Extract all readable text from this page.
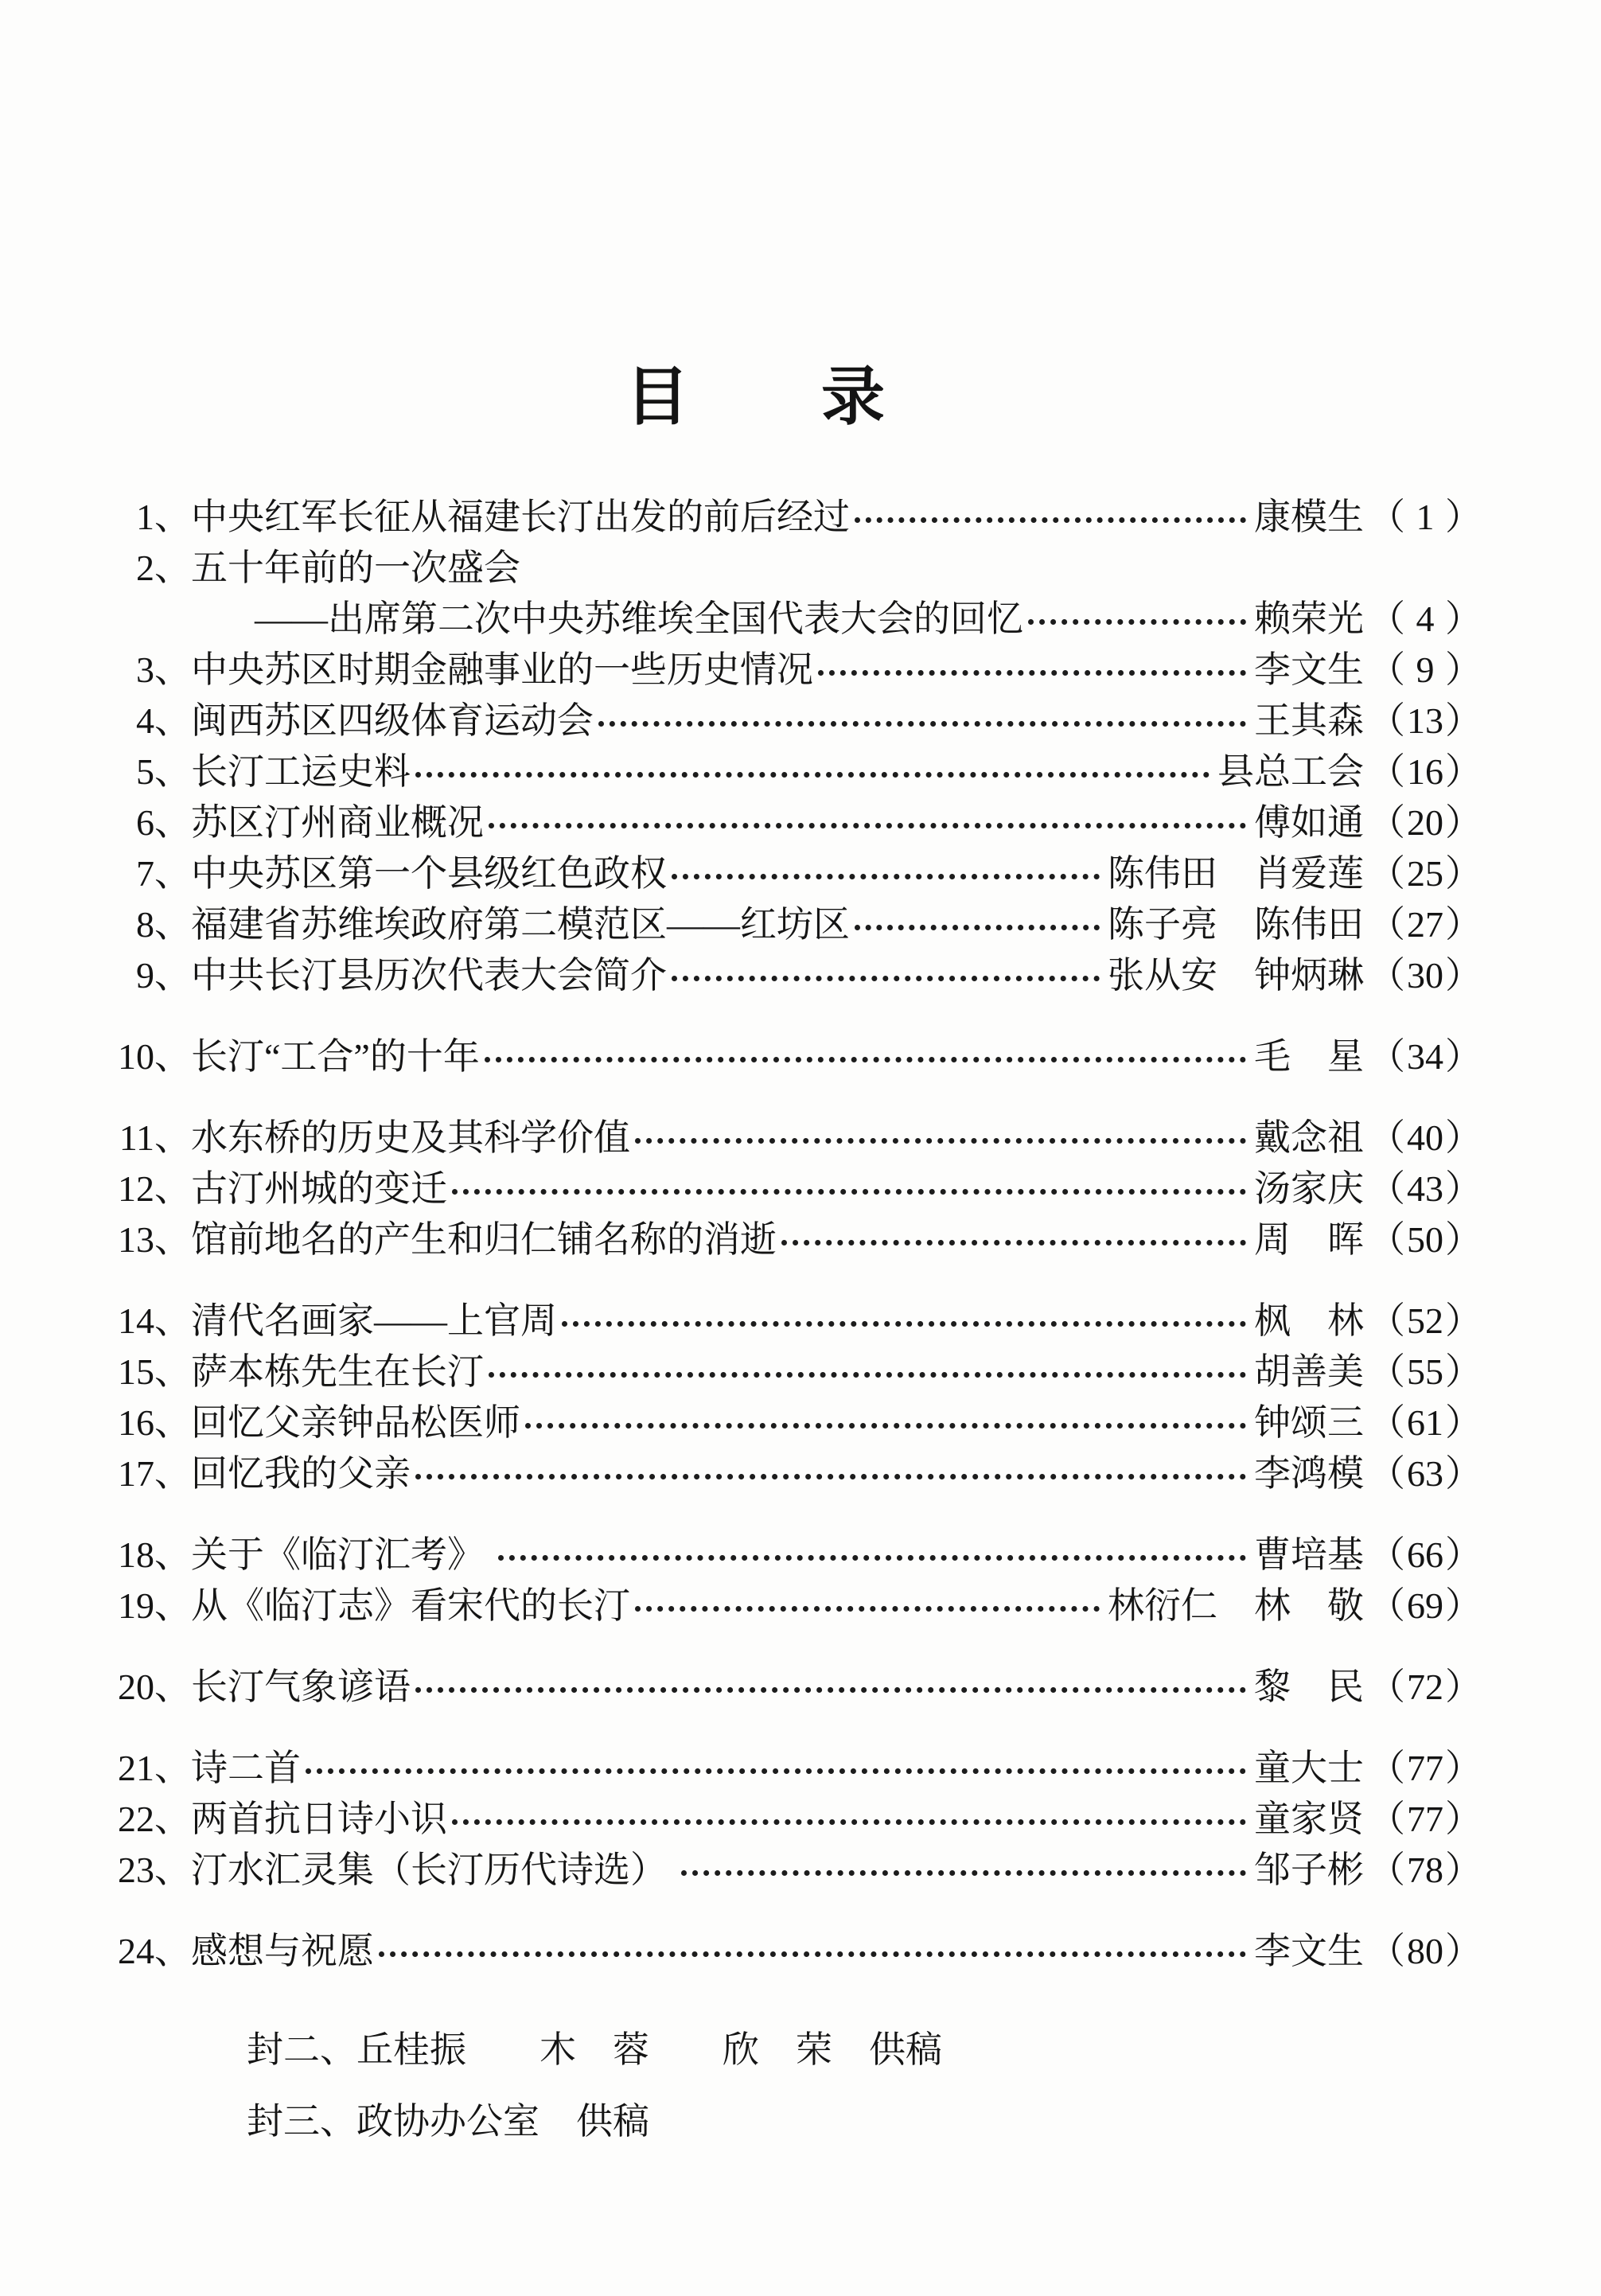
目　　录
1、 中央红军长征从福建长汀出发的前后经过	康模生 （ 1 ）
2、 五十年前的一次盛会
——出席第二次中央苏维埃全国代表大会的回忆	赖荣光 （ 4 ）
3、 中央苏区时期金融事业的一些历史情况	李文生 （ 9 ）
4、 闽西苏区四级体育运动会	王其森 （ 13 ）
5、 长汀工运史料	县总工会 （ 16 ）
6、 苏区汀州商业概况	傅如通 （ 20 ）
7、 中央苏区第一个县级红色政权	陈伟田　肖爱莲 （ 25 ）
8、 福建省苏维埃政府第二模范区——红坊区	陈子亮　陈伟田 （ 27 ）
9、 中共长汀县历次代表大会简介	张从安　钟炳琳 （ 30 ）
10、 长汀“工合”的十年	毛　星 （ 34 ）
11、 水东桥的历史及其科学价值	戴念祖 （ 40 ）
12、 古汀州城的变迁	汤家庆 （ 43 ）
13、 馆前地名的产生和归仁铺名称的消逝	周　晖 （ 50 ）
14、 清代名画家——上官周	枫　林 （ 52 ）
15、 萨本栋先生在长汀	胡善美 （ 55 ）
16、 回忆父亲钟品松医师	钟颂三 （ 61 ）
17、 回忆我的父亲	李鸿模 （ 63 ）
18、 关于《临汀汇考》	曹培基 （ 66 ）
19、 从《临汀志》看宋代的长汀	林衍仁　林　敬 （ 69 ）
20、 长汀气象谚语	黎　民 （ 72 ）
21、 诗二首	童大士 （ 77 ）
22、 两首抗日诗小识	童家贤 （ 77 ）
23、 汀水汇灵集（长汀历代诗选）	邹子彬 （ 78 ）
24、 感想与祝愿	李文生 （ 80 ）
封二、丘桂振　　木　蓉　　欣　荣　供稿
封三、政协办公室　供稿
